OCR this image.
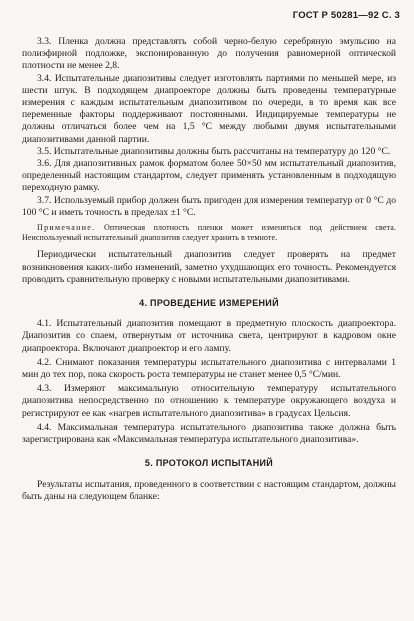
ГОСТ Р 50281—92 С. 3

3.3. Пленка должна представлять собой черно-белую серебряную эмульсию на полиэфирной подложке, экспонированную до получения равномерной оптической плотности не менее 2,8.

3.4. Испытательные диапозитивы следует изготовлять партиями по меньшей мере, из шести штук. В подходящем диапроекторе должны быть проведены температурные измерения с каждым испытательным диапозитивом по очереди, в то время как все переменные факторы поддерживают постоянными. Индицируемые температуры не должны отличаться более чем на 1,5 °С между любыми двумя испытательными диапозитивами данной партии.

3.5. Испытательные диапозитивы должны быть рассчитаны на температуру до 120 °С.

3.6. Для диапозитивных рамок форматом более 50×50 мм испытательный диапозитив, определенный настоящим стандартом, следует применять установленным в подходящую переходную рамку.

3.7. Используемый прибор должен быть пригоден для измерения температур от 0 °С до 100 °С и иметь точность в пределах ±1 °С.

Примечание. Оптическая плотность пленки может изменяться под действием света. Неиспользуемый испытательный диапозитив следует хранить в темноте.

Периодически испытательный диапозитив следует проверять на предмет возникновения каких-либо изменений, заметно ухудшающих его точность. Рекомендуется проводить сравнительную проверку с новыми испытательными диапозитивами.

4. ПРОВЕДЕНИЕ ИЗМЕРЕНИЙ

4.1. Испытательный диапозитив помещают в предметную плоскость диапроектора. Диапозитив со спаем, отвернутым от источника света, центрируют в кадровом окне диапроектора. Включают диапроектор и его лампу.

4.2. Снимают показания температуры испытательного диапозитива с интервалами 1 мин до тех пор, пока скорость роста температуры не станет менее 0,5 °С/мин.

4.3. Измеряют максимальную относительную температуру испытательного диапозитива непосредственно по отношению к температуре окружающего воздуха и регистрируют ее как «нагрев испытательного диапозитива» в градусах Цельсия.

4.4. Максимальная температура испытательного диапозитива также должна быть зарегистрирована как «Максимальная температура испытательного диапозитива».

5. ПРОТОКОЛ ИСПЫТАНИЙ

Результаты испытания, проведенного в соответствии с настоящим стандартом, должны быть даны на следующем бланке:
